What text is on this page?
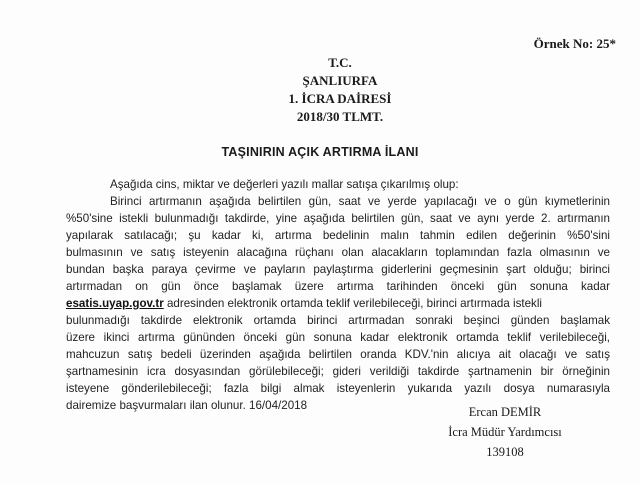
Örnek No: 25*
T.C.
ŞANLIURFA
1. İCRA DAİRESİ
2018/30 TLMT.
TAŞINIRIN AÇIK ARTIRMA İLANI
Aşağıda cins, miktar ve değerleri yazılı mallar satışa çıkarılmış olup:
Birinci artırmanın aşağıda belirtilen gün, saat ve yerde yapılacağı ve o gün kıymetlerinin
%50'sine istekli bulunmadığı takdirde, yine aşağıda belirtilen gün, saat ve aynı yerde 2. artırmanın
yapılarak satılacağı; şu kadar ki, artırma bedelinin malın tahmin edilen değerinin %50'sini
bulmasının ve satış isteyenin alacağına rüçhanı olan alacakların toplamından fazla olmasının ve
bundan başka paraya çevirme ve payların paylaştırma giderlerini geçmesinin şart olduğu; birinci
artırmadan on gün önce başlamak üzere artırma tarihinden önceki gün sonuna kadar
esatis.uyap.gov.tr adresinden elektronik ortamda teklif verilebileceği, birinci artırmada istekli
bulunmadığı takdirde elektronik ortamda birinci artırmadan sonraki beşinci günden başlamak
üzere ikinci artırma gününden önceki gün sonuna kadar elektronik ortamda teklif verilebileceği,
mahcuzun satış bedeli üzerinden aşağıda belirtilen oranda KDV.'nin alıcıya ait olacağı ve satış
şartnamesinin icra dosyasından görülebileceği; gideri verildiği takdirde şartnamenin bir örneğinin
isteyene gönderilebileceği; fazla bilgi almak isteyenlerin yukarıda yazılı dosya numarasıyla
dairemize başvurmaları ilan olunur. 16/04/2018	Ercan DEMİR
İcra Müdür Yardımcısı
139108
